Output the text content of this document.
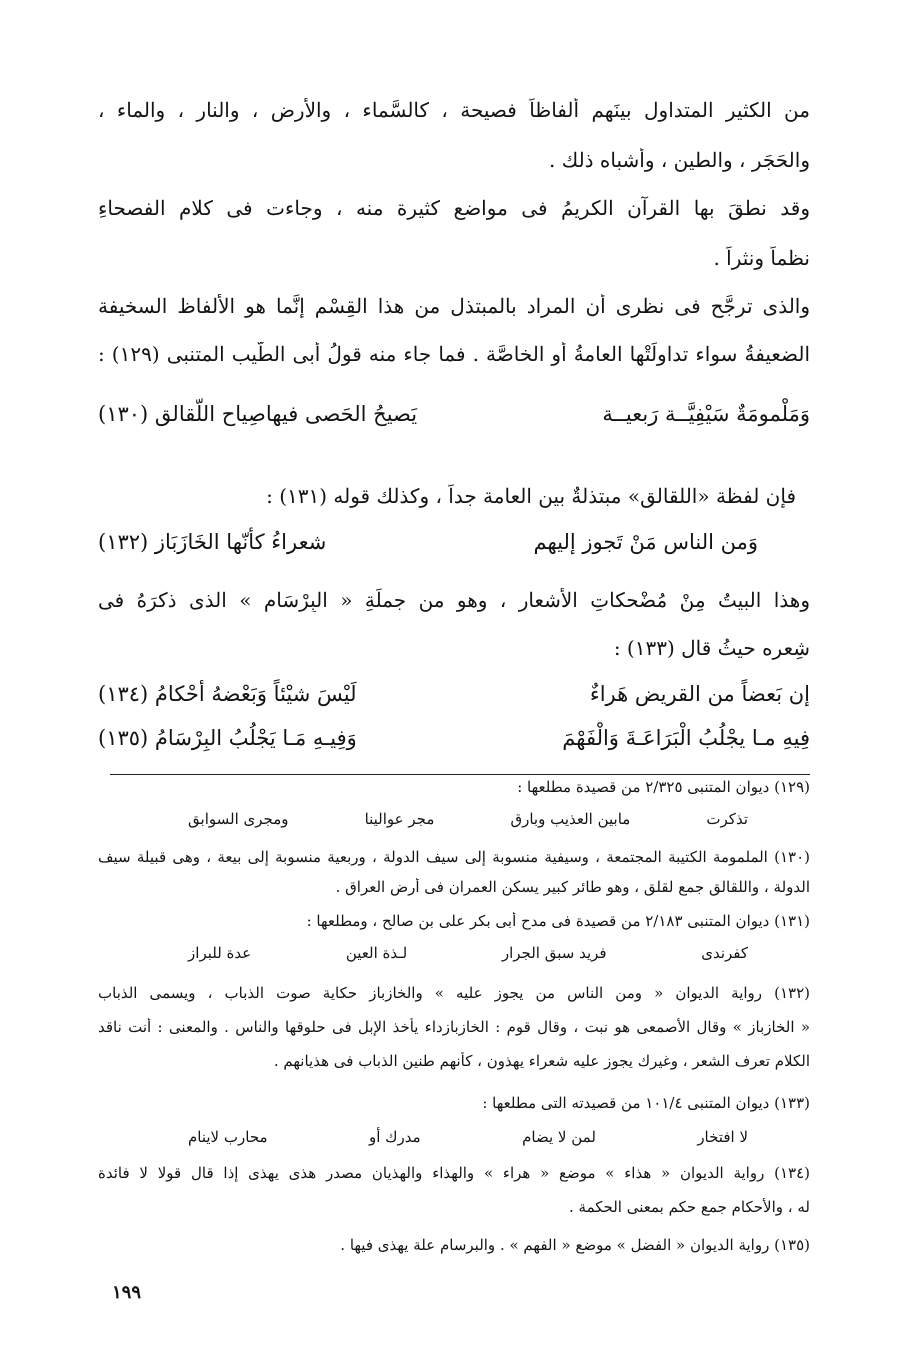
من الكثير المتداولِ بينَهم ألفاظاً فصيحة ، كالسَّماء ، والأرض ، والنار ، والماء ،
والحَجَر ، والطين ، وأشباه ذلك .
وقد نطقَ بها القرآن الكريمُ فى مواضع كثيرة منه ، وجاءت فى كلام الفصحاءِ
نظماً ونثراً .
والذى ترجَّح فى نظرى أن المراد بالمبتذلِ من هذا القِسْم إنَّما هو الألفاظ السخيفة
الضعيفةُ سواء تداولَتْها العامةُ أو الخاصَّة . فما جاء منه قولُ أبى الطَّيب المتنبى (١٢٩) :
وَمَلْمومَةٌ سَيْفِيَّــة رَبعيــة
يَصيحُ الحَصى فيهاصِياح اللّقالق (١٣٠)
فإن لفظة «اللقالق» مبتذلةٌ بين العامة جداً ، وكذلك قوله (١٣١) :
وَمن الناس مَنْ تَجوز إليهم
شعراءُ كأنّها الخَازَبَاز (١٣٢)
وهذا البيتُ مِنْ مُضْحكاتِ الأشعار ، وهو من جملَةِ « البِرْسَام » الذى ذكرَهُ فى
شِعره حيثُ قال (١٣٣) :
إن بَعضاً من القريض هَراءٌ
لَيْسَ شيْئاً وَبَعْضهُ أحْكامُ (١٣٤)
فِيهِ مـا يجْلُبُ الْبَرَاعَـةَ وَالْفَهْمَ
وَفِيـهِ مَـا يَجْلُبُ البِرْسَامُ (١٣٥)
(١٢٩) ديوان المتنبى ٢/٣٢٥ من قصيدة مطلعها :
تذكرت
مابين العذيب وبارق
مجر عوالينا
ومجرى السوابق
(١٣٠) الملمومة الكتيبة المجتمعة ، وسيفية منسوبة إلى سيف الدولة ، وربعية منسوبة إلى بيعة ، وهى قبيلة سيف
الدولة ، واللقالق جمع لقلق ، وهو طائر كبير يسكن العمران فى أرض العراق .
(١٣١) ديوان المتنبى ٢/١٨٣ من قصيدة فى مدح أبى بكر على بن صالح ، ومطلعها :
كفرندى
فريد سبق الجرار
لـذة العين
عدة للبراز
(١٣٢) رواية الديوان « ومن الناس من يجوز عليه » والخازباز حكاية صوت الذباب ، ويسمى الذباب
« الخازباز » وقال الأصمعى هو نبت ، وقال قوم : الخازبازداء يأخذ الإبل فى حلوقها والناس . والمعنى : أنت ناقد
الكلام تعرف الشعر ، وغيرك يجوز عليه شعراء يهذون ، كأنهم طنين الذباب فى هذيانهم .
(١٣٣) ديوان المتنبى ١٠١/٤ من قصيدته التى مطلعها :
لا افتخار
لمن لا يضام
مدرك أو
محارب لاينام
(١٣٤) رواية الديوان « هذاء » موضع « هراء » والهذاء والهذيان مصدر هذى يهذى إذا قال قولا لا فائدة
له ، والأحكام جمع حكم بمعنى الحكمة .
(١٣٥) رواية الديوان « الفضل » موضع « الفهم » . والبرسام علة يهذى فيها .
١٩٩
